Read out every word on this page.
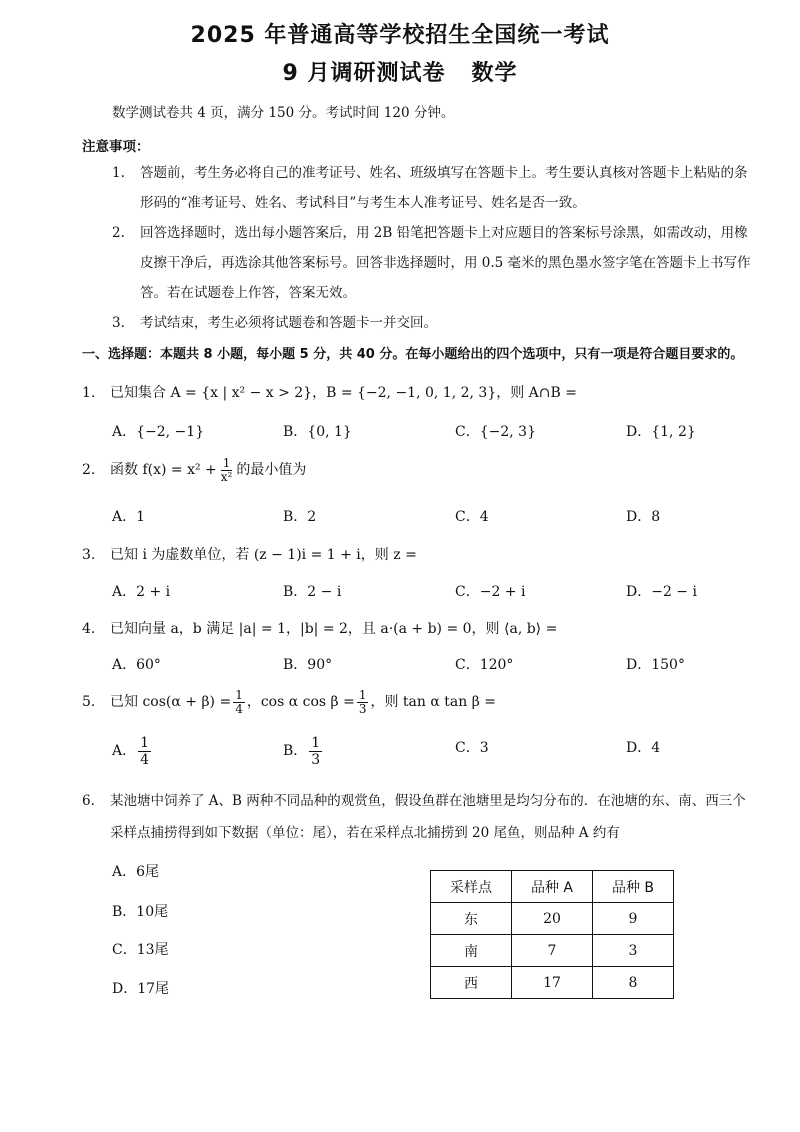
2025 年普通高等学校招生全国统一考试
9 月调研测试卷 数学
数学测试卷共 4 页，满分 150 分。考试时间 120 分钟。
注意事项：
1. 答题前，考生务必将自己的准考证号、姓名、班级填写在答题卡上。考生要认真核对答题卡上粘贴的条
形码的“准考证号、姓名、考试科目”与考生本人准考证号、姓名是否一致。
2. 回答选择题时，选出每小题答案后，用 2B 铅笔把答题卡上对应题目的答案标号涂黑，如需改动，用橡
皮擦干净后，再选涂其他答案标号。回答非选择题时，用 0.5 毫米的黑色墨水签字笔在答题卡上书写作
答。若在试题卷上作答，答案无效。
3. 考试结束，考生必须将试题卷和答题卡一并交回。
一、选择题：本题共 8 小题，每小题 5 分，共 40 分。在每小题给出的四个选项中，只有一项是符合题目要求的。
1. 已知集合 A = {x | x² − x > 2}，B = {−2, −1, 0, 1, 2, 3}，则 A∩B =
A．{−2, −1}	B．{0, 1}	C．{−2, 3}	D．{1, 2}
2. 函数 $f(x) = x^2 + \frac{1}{\text{x²}}$ 的最小值为
A．1	B．2	C．4	D．8
3. 已知 i 为虚数单位，若 (z − 1)i = 1 + i，则 z =
A．2 + i	B．2 − i	C．−2 + i	D．−2 − i
4. 已知向量 a，b 满足 |a| = 1，|b| = 2，且 a·(a + b) = 0，则 ⟨a, b⟩ =
A．60°	B．90°	C．120°	D．150°
5. 已知 $\cos(\alpha + \beta) = \frac{1}{4}$ ，cos α $\cos \beta = \frac{1}{3}$ ，则 tan α tan β =
A． $\frac{1}{4}$	B． $\frac{1}{3}$	C．3	D．4
6. 某池塘中饲养了 A、B 两种不同品种的观赏鱼，假设鱼群在池塘里是均匀分布的．在池塘的东、南、西三个
采样点捕捞得到如下数据（单位：尾），若在采样点北捕捞到 20 尾鱼，则品种 A 约有
A．6尾
B．10尾
C．13尾
D．17尾
采样点	品种 A	品种 B
东	20	9
南	7	3
西	17	8
